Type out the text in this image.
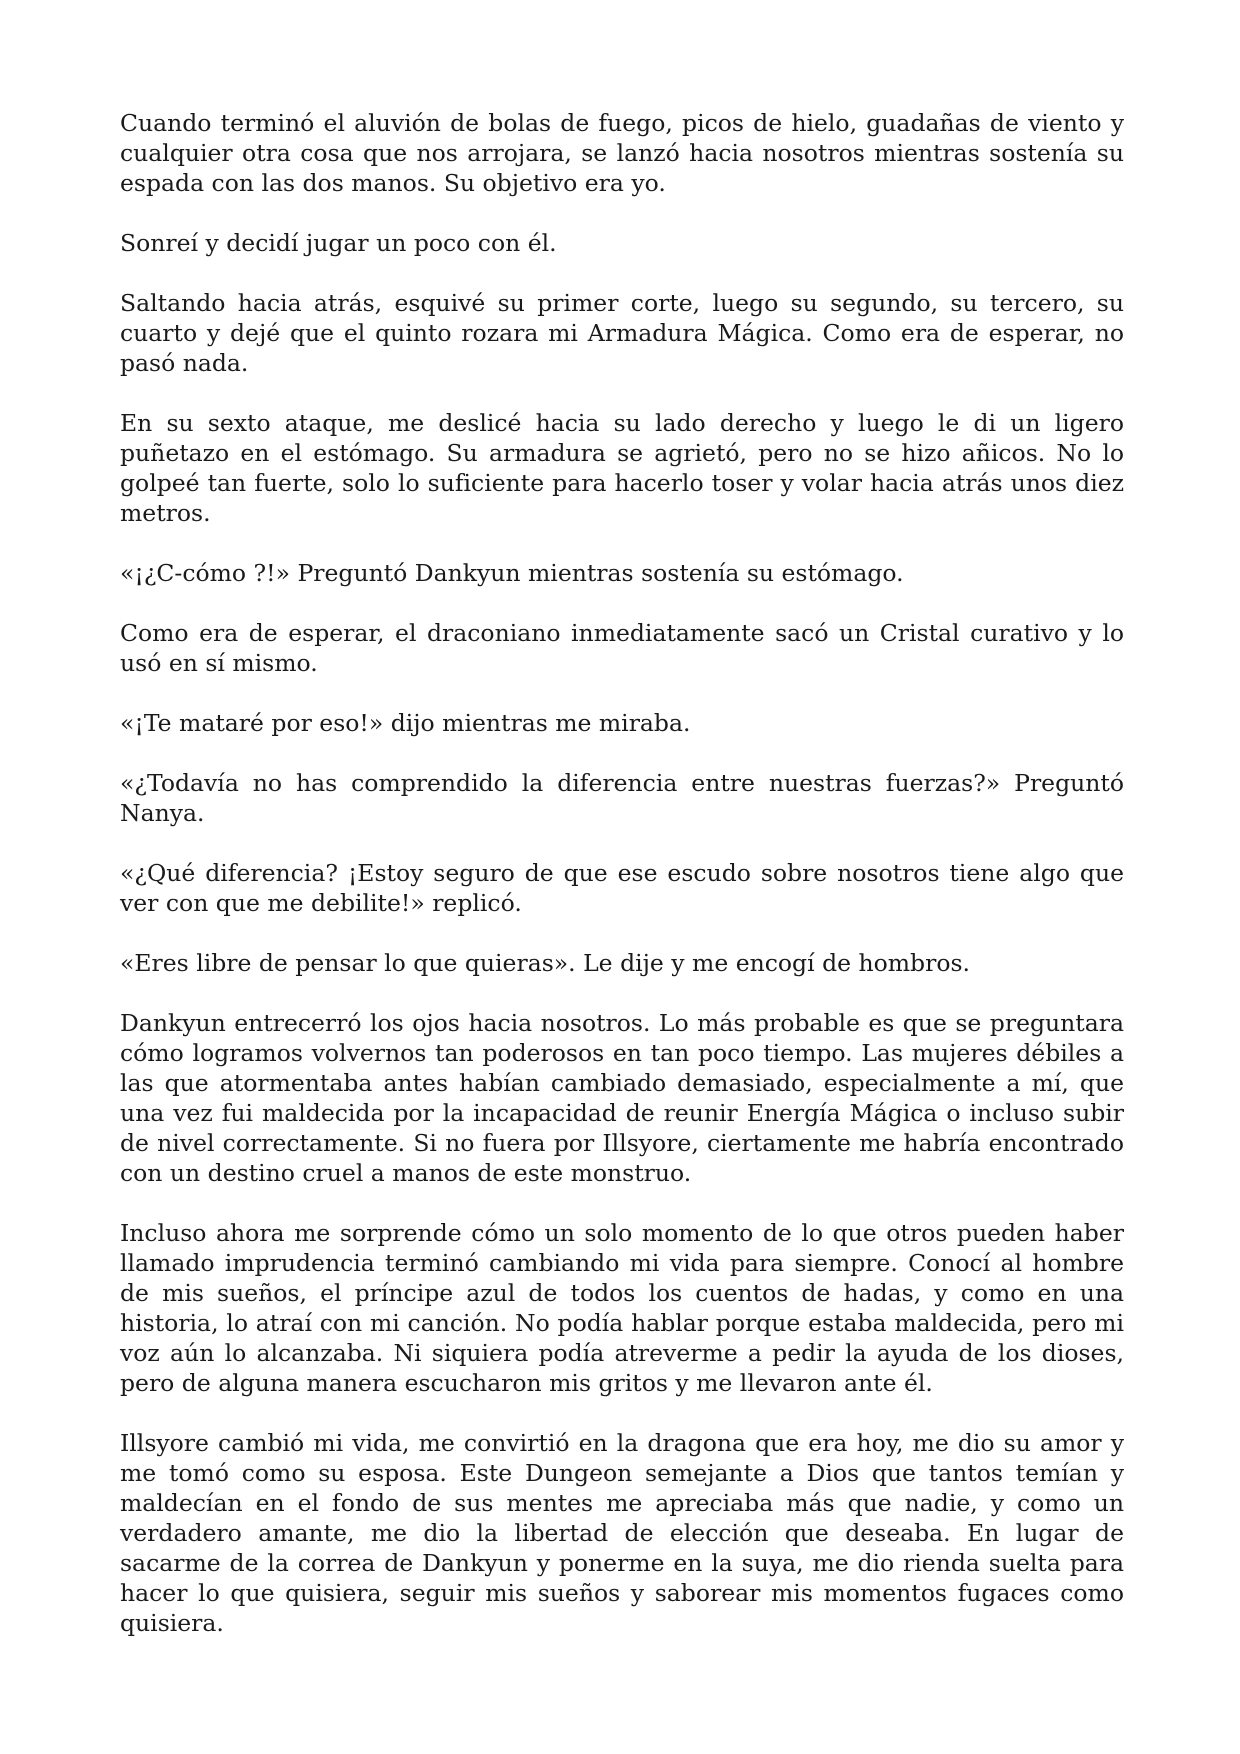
Cuando terminó el aluvión de bolas de fuego, picos de hielo, guadañas de viento y cualquier otra cosa que nos arrojara, se lanzó hacia nosotros mientras sostenía su espada con las dos manos. Su objetivo era yo.

Sonreí y decidí jugar un poco con él.

Saltando hacia atrás, esquivé su primer corte, luego su segundo, su tercero, su cuarto y dejé que el quinto rozara mi Armadura Mágica. Como era de esperar, no pasó nada.

En su sexto ataque, me deslicé hacia su lado derecho y luego le di un ligero puñetazo en el estómago. Su armadura se agrietó, pero no se hizo añicos. No lo golpeé tan fuerte, solo lo suficiente para hacerlo toser y volar hacia atrás unos diez metros.

«¡¿C-cómo ?!» Preguntó Dankyun mientras sostenía su estómago.

Como era de esperar, el draconiano inmediatamente sacó un Cristal curativo y lo usó en sí mismo.

«¡Te mataré por eso!» dijo mientras me miraba.

«¿Todavía no has comprendido la diferencia entre nuestras fuerzas?» Preguntó Nanya.

«¿Qué diferencia? ¡Estoy seguro de que ese escudo sobre nosotros tiene algo que ver con que me debilite!» replicó.

«Eres libre de pensar lo que quieras». Le dije y me encogí de hombros.

Dankyun entrecerró los ojos hacia nosotros. Lo más probable es que se preguntara cómo logramos volvernos tan poderosos en tan poco tiempo. Las mujeres débiles a las que atormentaba antes habían cambiado demasiado, especialmente a mí, que una vez fui maldecida por la incapacidad de reunir Energía Mágica o incluso subir de nivel correctamente. Si no fuera por Illsyore, ciertamente me habría encontrado con un destino cruel a manos de este monstruo.

Incluso ahora me sorprende cómo un solo momento de lo que otros pueden haber llamado imprudencia terminó cambiando mi vida para siempre. Conocí al hombre de mis sueños, el príncipe azul de todos los cuentos de hadas, y como en una historia, lo atraí con mi canción. No podía hablar porque estaba maldecida, pero mi voz aún lo alcanzaba. Ni siquiera podía atreverme a pedir la ayuda de los dioses, pero de alguna manera escucharon mis gritos y me llevaron ante él.

Illsyore cambió mi vida, me convirtió en la dragona que era hoy, me dio su amor y me tomó como su esposa. Este Dungeon semejante a Dios que tantos temían y maldecían en el fondo de sus mentes me apreciaba más que nadie, y como un verdadero amante, me dio la libertad de elección que deseaba. En lugar de sacarme de la correa de Dankyun y ponerme en la suya, me dio rienda suelta para hacer lo que quisiera, seguir mis sueños y saborear mis momentos fugaces como quisiera.
